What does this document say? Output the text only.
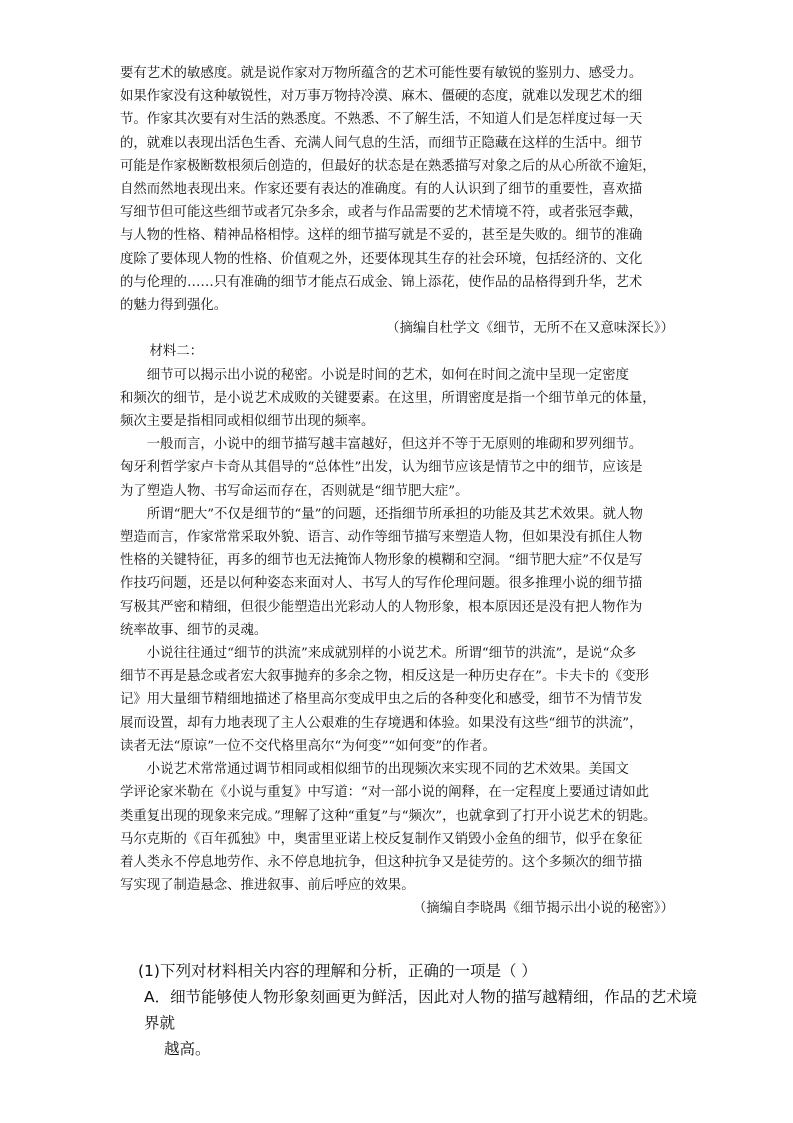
要有艺术的敏感度。就是说作家对万物所蕴含的艺术可能性要有敏锐的鉴别力、感受力。

如果作家没有这种敏锐性，对万事万物持冷漠、麻木、僵硬的态度，就难以发现艺术的细

节。作家其次要有对生活的熟悉度。不熟悉、不了解生活，不知道人们是怎样度过每一天

的，就难以表现出活色生香、充满人间气息的生活，而细节正隐藏在这样的生活中。细节

可能是作家极断数根须后创造的，但最好的状态是在熟悉描写对象之后的从心所欲不逾矩，

自然而然地表现出来。作家还要有表达的准确度。有的人认识到了细节的重要性，喜欢描

写细节但可能这些细节或者冗杂多余，或者与作品需要的艺术情境不符，或者张冠李戴，

与人物的性格、精神品格相悖。这样的细节描写就是不妥的，甚至是失败的。细节的准确

度除了要体现人物的性格、价值观之外，还要体现其生存的社会环境，包括经济的、文化

的与伦理的……只有准确的细节才能点石成金、锦上添花，使作品的品格得到升华，艺术

的魅力得到强化。

（摘编自杜学文《细节，无所不在又意味深长》）

材料二：

细节可以揭示出小说的秘密。小说是时间的艺术，如何在时间之流中呈现一定密度

和频次的细节，是小说艺术成败的关键要素。在这里，所谓密度是指一个细节单元的体量，

频次主要是指相同或相似细节出现的频率。

一般而言，小说中的细节描写越丰富越好，但这并不等于无原则的堆砌和罗列细节。

匈牙利哲学家卢卡奇从其倡导的“总体性”出发，认为细节应该是情节之中的细节，应该是

为了塑造人物、书写命运而存在，否则就是“细节肥大症”。

所谓“肥大”不仅是细节的“量”的问题，还指细节所承担的功能及其艺术效果。就人物

塑造而言，作家常常采取外貌、语言、动作等细节描写来塑造人物，但如果没有抓住人物

性格的关键特征，再多的细节也无法掩饰人物形象的模糊和空洞。“细节肥大症”不仅是写

作技巧问题，还是以何种姿态来面对人、书写人的写作伦理问题。很多推理小说的细节描

写极其严密和精细，但很少能塑造出光彩动人的人物形象，根本原因还是没有把人物作为

统率故事、细节的灵魂。

小说往往通过“细节的洪流”来成就别样的小说艺术。所谓“细节的洪流”，是说“众多

细节不再是悬念或者宏大叙事抛弃的多余之物，相反这是一种历史存在”。卡夫卡的《变形

记》用大量细节精细地描述了格里高尔变成甲虫之后的各种变化和感受，细节不为情节发

展而设置，却有力地表现了主人公艰难的生存境遇和体验。如果没有这些“细节的洪流”，

读者无法“原谅”一位不交代格里高尔“为何变”“如何变”的作者。

小说艺术常常通过调节相同或相似细节的出现频次来实现不同的艺术效果。美国文

学评论家米勒在《小说与重复》中写道：“对一部小说的阐释，在一定程度上要通过请如此

类重复出现的现象来完成。”理解了这种“重复”与“频次”，也就拿到了打开小说艺术的钥匙。

马尔克斯的《百年孤独》中，奥雷里亚诺上校反复制作又销毁小金鱼的细节，似乎在象征

着人类永不停息地劳作、永不停息地抗争，但这种抗争又是徒劳的。这个多频次的细节描

写实现了制造悬念、推进叙事、前后呼应的效果。

（摘编自李晓禺《细节揭示出小说的秘密》）

(1)下列对材料相关内容的理解和分析，正确的一项是（ ）

A．细节能够使人物形象刻画更为鲜活，因此对人物的描写越精细，作品的艺术境界就

越高。
